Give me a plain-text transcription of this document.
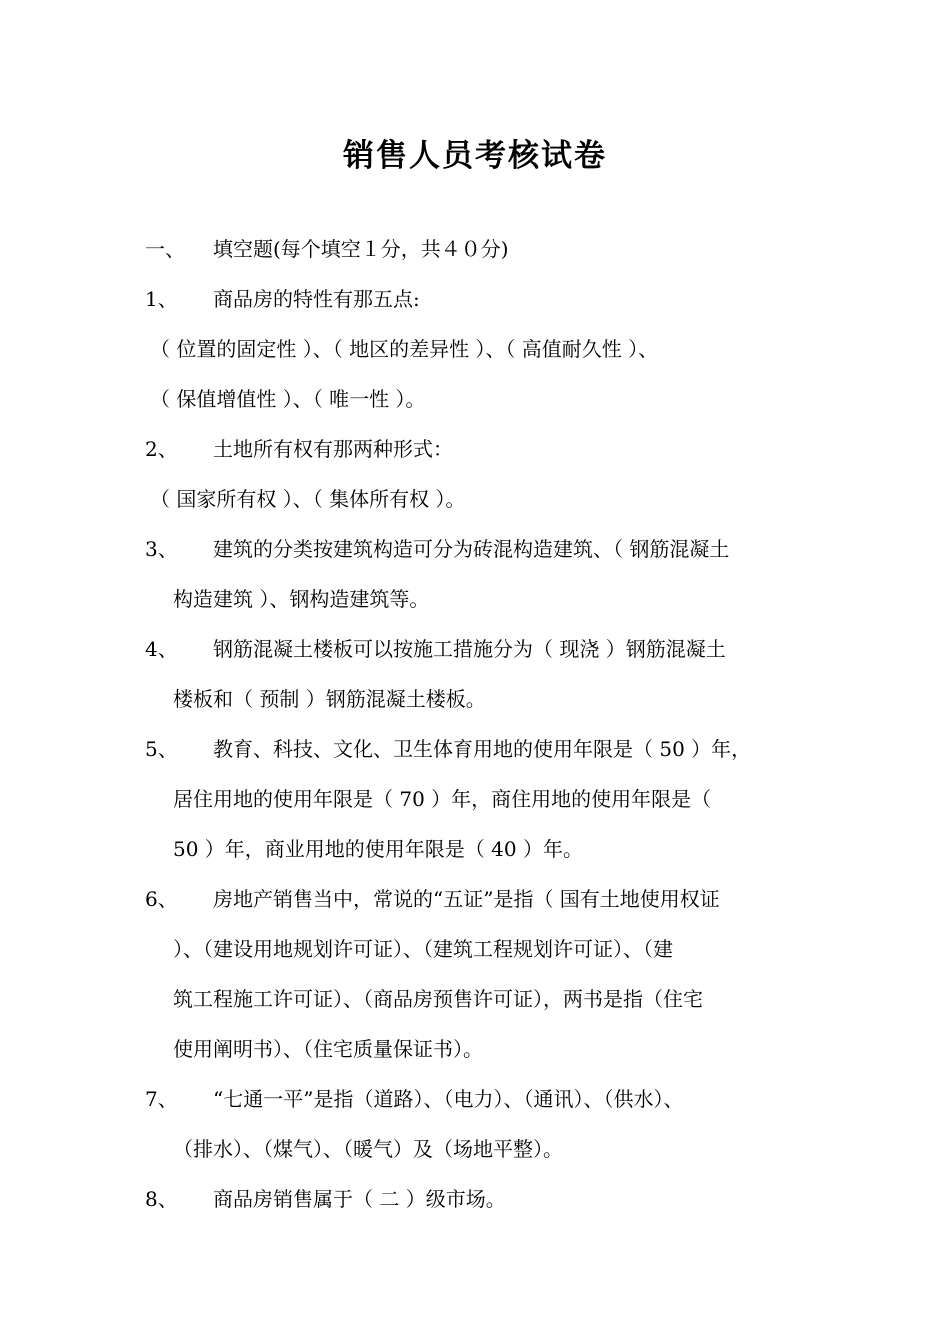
销售人员考核试卷
一、 填空题(每个填空１分，共４０分)
1、 商品房的特性有那五点:
（ 位置的固定性 ）、（ 地区的差异性 ）、（ 高值耐久性 ）、
（ 保值增值性 ）、（ 唯一性 ）。
2、 土地所有权有那两种形式：
（ 国家所有权 ）、（ 集体所有权 ）。
3、 建筑的分类按建筑构造可分为砖混构造建筑、（ 钢筋混凝土
构造建筑 ）、钢构造建筑等。
4、 钢筋混凝土楼板可以按施工措施分为（ 现浇 ）钢筋混凝土
楼板和（ 预制 ）钢筋混凝土楼板。
5、 教育、科技、文化、卫生体育用地的使用年限是（ 50 ）年，
居住用地的使用年限是（ 70 ）年，商住用地的使用年限是（
50 ）年，商业用地的使用年限是（ 40 ）年。
6、 房地产销售当中，常说的“五证”是指（ 国有土地使用权证
）、（建设用地规划许可证）、（建筑工程规划许可证）、（建
筑工程施工许可证）、（商品房预售许可证），两书是指（住宅
使用阐明书）、（住宅质量保证书）。
7、 “七通一平”是指（道路）、（电力）、（通讯）、（供水）、
（排水）、（煤气）、（暖气）及（场地平整）。
8、 商品房销售属于（ 二 ）级市场。
